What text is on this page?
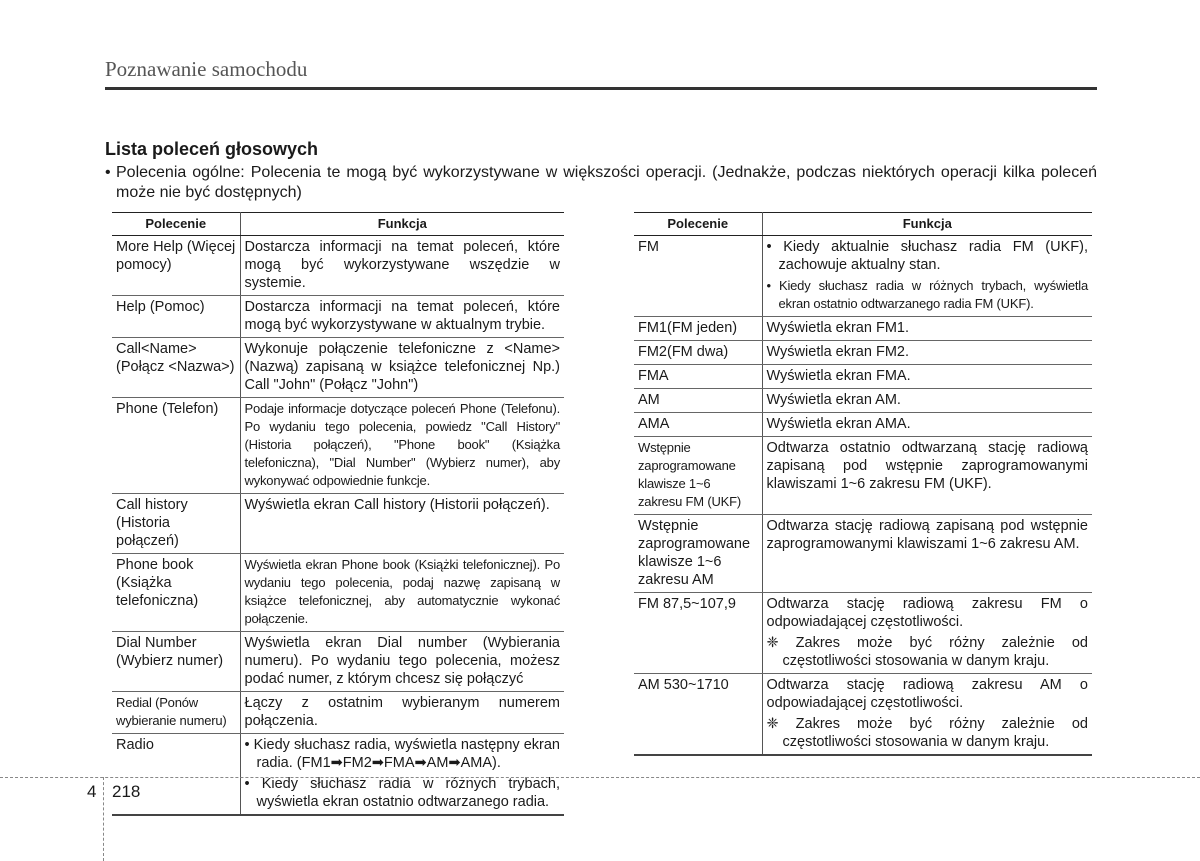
Poznawanie samochodu
Lista poleceń głosowych
• Polecenia ogólne: Polecenia te mogą być wykorzystywane w większości operacji. (Jednakże, podczas niektórych operacji kilka poleceń może nie być dostępnych)
Polecenie	Funkcja
More Help (Więcej pomocy)	Dostarcza informacji na temat poleceń, które mogą być wykorzystywane wszędzie w systemie.
Help (Pomoc)	Dostarcza informacji na temat poleceń, które mogą być wykorzystywane w aktualnym trybie.
Call<Name> (Połącz <Nazwa>)	Wykonuje połączenie telefoniczne z <Name> (Nazwą) zapisaną w książce telefonicznej Np.) Call "John" (Połącz "John")
Phone (Telefon)	Podaje informacje dotyczące poleceń Phone (Telefonu). Po wydaniu tego polecenia, powiedz "Call History" (Historia połączeń), "Phone book" (Książka telefoniczna), "Dial Number" (Wybierz numer), aby wykonywać odpowiednie funkcje.
Call history (Historia połączeń)	Wyświetla ekran Call history (Historii połączeń).
Phone book (Książka telefoniczna)	Wyświetla ekran Phone book (Książki telefonicznej). Po wydaniu tego polecenia, podaj nazwę zapisaną w książce telefonicznej, aby automatycznie wykonać połączenie.
Dial Number (Wybierz numer)	Wyświetla ekran Dial number (Wybierania numeru). Po wydaniu tego polecenia, możesz podać numer, z którym chcesz się połączyć
Redial (Ponów wybieranie numeru)	Łączy z ostatnim wybieranym numerem połączenia.
Radio	• Kiedy słuchasz radia, wyświetla następny ekran radia. (FM1➡FM2➡FMA➡AM➡AMA).
• Kiedy słuchasz radia w różnych trybach, wyświetla ekran ostatnio odtwarzanego radia.
Polecenie	Funkcja
FM	• Kiedy aktualnie słuchasz radia FM (UKF), zachowuje aktualny stan.
• Kiedy słuchasz radia w różnych trybach, wyświetla ekran ostatnio odtwarzanego radia FM (UKF).

FM1(FM jeden)	Wyświetla ekran FM1.
FM2(FM dwa)	Wyświetla ekran FM2.
FMA	Wyświetla ekran FMA.
AM	Wyświetla ekran AM.
AMA	Wyświetla ekran AMA.
Wstępnie zaprogramowane klawisze 1~6 zakresu FM (UKF)	Odtwarza ostatnio odtwarzaną stację radiową zapisaną pod wstępnie zaprogramowanymi klawiszami 1~6 zakresu FM (UKF).
Wstępnie zaprogramowane klawisze 1~6 zakresu AM	Odtwarza stację radiową zapisaną pod wstępnie zaprogramowanymi klawiszami 1~6 zakresu AM.
FM 87,5~107,9	Odtwarza stację radiową zakresu FM o odpowiadającej częstotliwości.
❈ Zakres może być różny zależnie od częstotliwości stosowania w danym kraju.

AM 530~1710	Odtwarza stację radiową zakresu AM o odpowiadającej częstotliwości.
❈ Zakres może być różny zależnie od częstotliwości stosowania w danym kraju.
4 218
